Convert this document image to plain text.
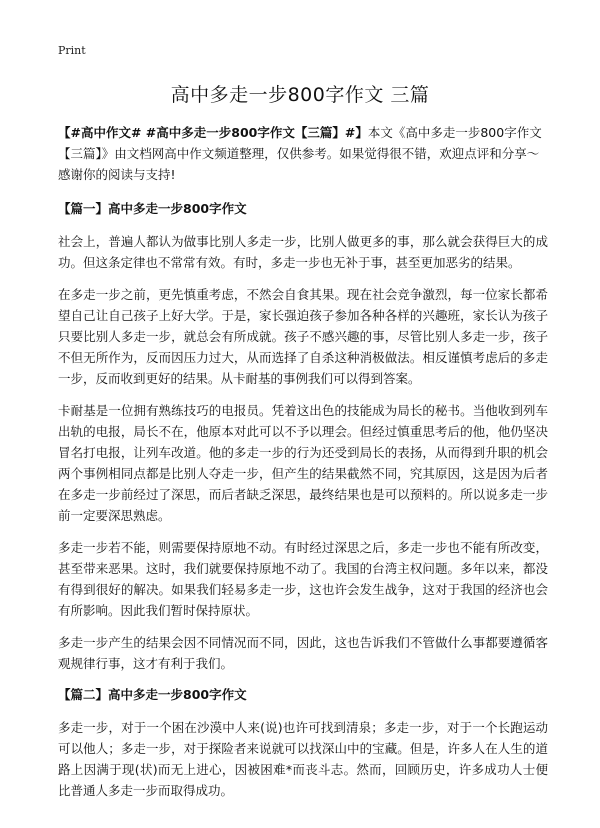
Print
高中多走一步800字作文 三篇

【#高中作文# #高中多走一步800字作文【三篇】#】本文《高中多走一步800字作文【三篇】》由文档网高中作文频道整理，仅供参考。如果觉得很不错，欢迎点评和分享～感谢你的阅读与支持!

【篇一】高中多走一步800字作文

社会上，普遍人都认为做事比别人多走一步，比别人做更多的事，那么就会获得巨大的成功。但这条定律也不常常有效。有时，多走一步也无补于事，甚至更加恶劣的结果。

在多走一步之前，更先慎重考虑，不然会自食其果。现在社会竞争激烈，每一位家长都希望自己让自己孩子上好大学。于是，家长强迫孩子参加各种各样的兴趣班，家长认为孩子只要比别人多走一步，就总会有所成就。孩子不感兴趣的事，尽管比别人多走一步，孩子不但无所作为，反而因压力过大，从而选择了自杀这种消极做法。相反谨慎考虑后的多走一步，反而收到更好的结果。从卡耐基的事例我们可以得到答案。

卡耐基是一位拥有熟练技巧的电报员。凭着这出色的技能成为局长的秘书。当他收到列车出轨的电报，局长不在，他原本对此可以不予以理会。但经过慎重思考后的他，他仍坚决冒名打电报，让列车改道。他的多走一步的行为还受到局长的表扬，从而得到升职的机会两个事例相同点都是比别人夺走一步，但产生的结果截然不同，究其原因，这是因为后者在多走一步前经过了深思，而后者缺乏深思，最终结果也是可以预料的。所以说多走一步前一定要深思熟虑。

多走一步若不能，则需要保持原地不动。有时经过深思之后，多走一步也不能有所改变，甚至带来恶果。这时，我们就要保持原地不动了。我国的台湾主权问题。多年以来，都没有得到很好的解决。如果我们轻易多走一步，这也许会发生战争，这对于我国的经济也会有所影响。因此我们暂时保持原状。

多走一步产生的结果会因不同情况而不同，因此，这也告诉我们不管做什么事都要遵循客观规律行事，这才有利于我们。

【篇二】高中多走一步800字作文

多走一步，对于一个困在沙漠中人来(说)也许可找到清泉；多走一步，对于一个长跑运动可以他人；多走一步，对于探险者来说就可以找深山中的宝藏。但是，许多人在人生的道路上因满于现(状)而无上进心，因被困难*而丧斗志。然而，回顾历史，许多成功人士便比普通人多走一步而取得成功。
